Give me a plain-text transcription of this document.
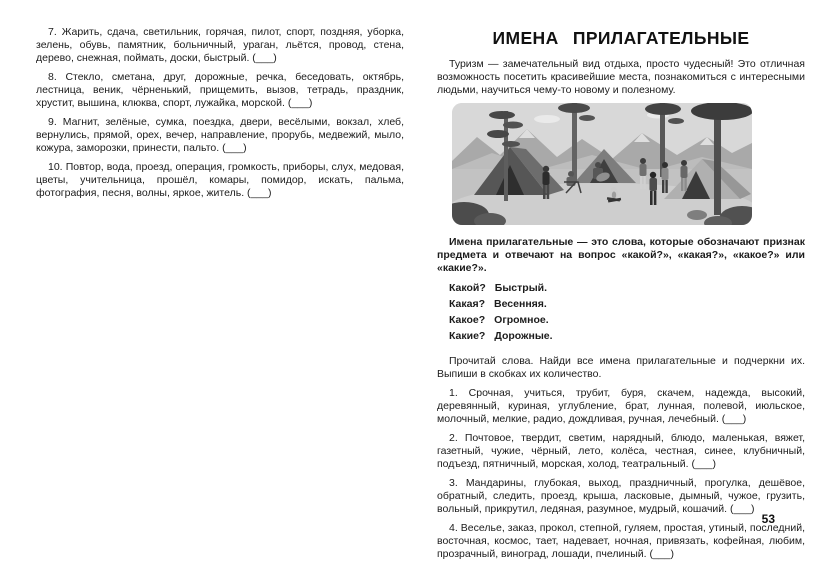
7. Жарить, сдача, светильник, горячая, пилот, спорт, поздняя, уборка, зелень, обувь, памятник, больничный, ураган, льётся, провод, стена, дерево, снежная, поймать, доски, быстрый. (___)

8. Стекло, сметана, друг, дорожные, речка, беседовать, октябрь, лестница, веник, чёрненький, прищемить, вызов, тетрадь, праздник, хрустит, вышина, клюква, спорт, лужайка, морской. (___)

9. Магнит, зелёные, сумка, поездка, двери, весёлыми, вокзал, хлеб, вернулись, прямой, орех, вечер, направление, прорубь, медвежий, мыло, кожура, заморозки, принести, пальто. (___)

10. Повтор, вода, проезд, операция, громкость, приборы, слух, медовая, цветы, учительница, прошёл, комары, помидор, искать, пальма, фотография, песня, волны, яркое, житель. (___)

ИМЕНА ПРИЛАГАТЕЛЬНЫЕ

Туризм — замечательный вид отдыха, просто чудесный! Это отличная возможность посетить красивейшие места, познакомиться с интересными людьми, научиться чему-то новому и полезному.

Имена прилагательные — это слова, которые обозначают признак предмета и отвечают на вопрос «какой?», «какая?», «какое?» или «какие?».

Какой? Быстрый.

Какая? Весенняя.

Какое? Огромное.

Какие? Дорожные.

Прочитай слова. Найди все имена прилагательные и подчеркни их. Выпиши в скобках их количество.

1. Срочная, учиться, трубит, буря, скачем, надежда, высокий, деревянный, куриная, углубление, брат, лунная, полевой, июльское, молочный, мелкие, радио, дождливая, ручная, лечебный. (___)

2. Почтовое, твердит, светим, нарядный, блюдо, маленькая, вяжет, газетный, чужие, чёрный, лето, колёса, честная, синее, клубничный, подъезд, пятничный, морская, холод, театральный. (___)

3. Мандарины, глубокая, выход, праздничный, прогулка, дешёвое, обратный, следить, проезд, крыша, ласковые, дымный, чужое, грузить, вольный, прикрутил, ледяная, разумное, мудрый, кошачий. (___)

4. Веселье, заказ, прокол, степной, гуляем, простая, утиный, последний, восточная, космос, тает, надевает, ночная, привязать, кофейная, любим, прозрачный, виноград, лошади, пчелиный. (___)

53
